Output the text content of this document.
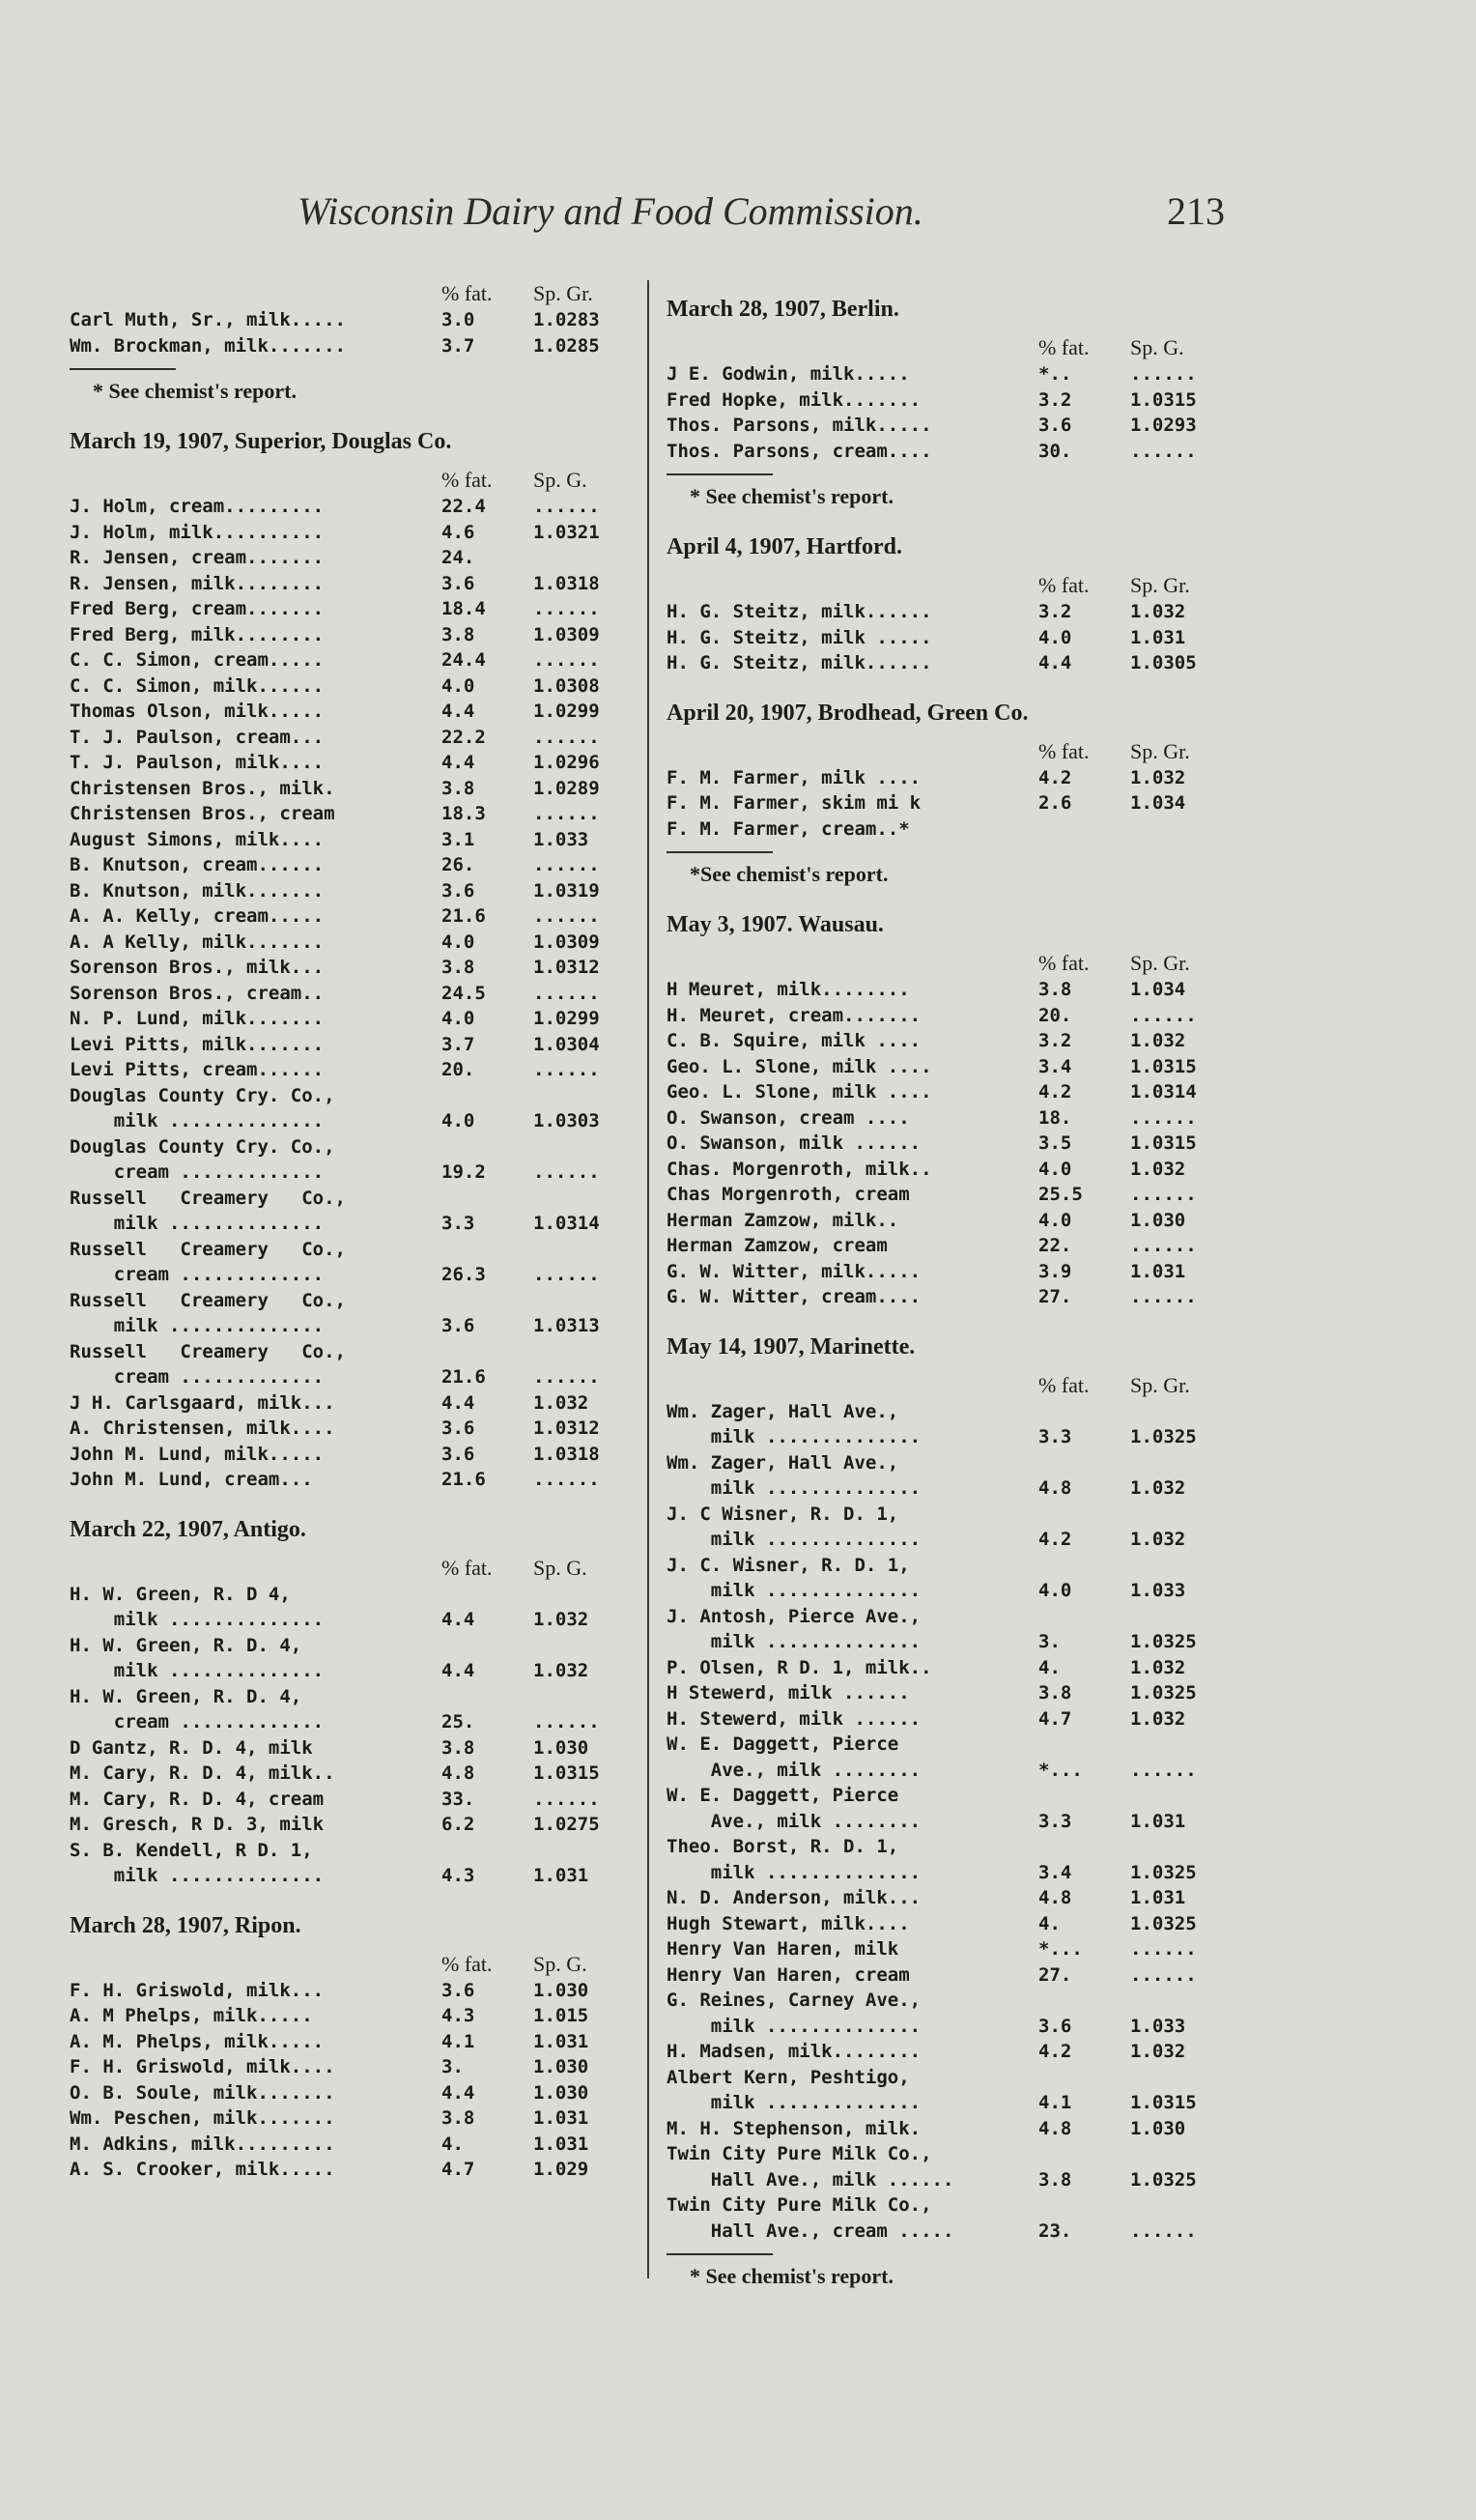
Wisconsin Dairy and Food Commission.	213
% fat.	Sp. Gr.
Carl Muth, Sr., milk.....	3.0	1.0283
Wm. Brockman, milk.......	3.7	1.0285
* See chemist's report.
March 19, 1907, Superior, Douglas Co.
% fat.	Sp. G.
J. Holm, cream.........	22.4	......
J. Holm, milk..........	4.6	1.0321
R. Jensen, cream.......	24.
R. Jensen, milk........	3.6	1.0318
Fred Berg, cream.......	18.4	......
Fred Berg, milk........	3.8	1.0309
C. C. Simon, cream.....	24.4	......
C. C. Simon, milk......	4.0	1.0308
Thomas Olson, milk.....	4.4	1.0299
T. J. Paulson, cream...	22.2	......
T. J. Paulson, milk....	4.4	1.0296
Christensen Bros., milk.	3.8	1.0289
Christensen Bros., cream	18.3	......
August Simons, milk....	3.1	1.033
B. Knutson, cream......	26.	......
B. Knutson, milk.......	3.6	1.0319
A. A. Kelly, cream.....	21.6	......
A. A Kelly, milk.......	4.0	1.0309
Sorenson Bros., milk...	3.8	1.0312
Sorenson Bros., cream..	24.5	......
N. P. Lund, milk.......	4.0	1.0299
Levi Pitts, milk.......	3.7	1.0304
Levi Pitts, cream......	20.	......
Douglas County Cry. Co.,
milk ..............	4.0	1.0303
Douglas County Cry. Co.,
cream .............	19.2	......
Russell   Creamery   Co.,
milk ..............	3.3	1.0314
Russell   Creamery   Co.,
cream .............	26.3	......
Russell   Creamery   Co.,
milk ..............	3.6	1.0313
Russell   Creamery   Co.,
cream .............	21.6	......
J H. Carlsgaard, milk...	4.4	1.032
A. Christensen, milk....	3.6	1.0312
John M. Lund, milk.....	3.6	1.0318
John M. Lund, cream...	21.6	......
March 22, 1907, Antigo.
% fat.	Sp. G.
H. W. Green, R. D 4,
milk ..............	4.4	1.032
H. W. Green, R. D. 4,
milk ..............	4.4	1.032
H. W. Green, R. D. 4,
cream .............	25.	......
D Gantz, R. D. 4, milk	3.8	1.030
M. Cary, R. D. 4, milk..	4.8	1.0315
M. Cary, R. D. 4, cream	33.	......
M. Gresch, R D. 3, milk	6.2	1.0275
S. B. Kendell, R D. 1,
milk ..............	4.3	1.031
March 28, 1907, Ripon.
% fat.	Sp. G.
F. H. Griswold, milk...	3.6	1.030
A. M Phelps, milk.....	4.3	1.015
A. M. Phelps, milk.....	4.1	1.031
F. H. Griswold, milk....	3.	1.030
O. B. Soule, milk.......	4.4	1.030
Wm. Peschen, milk.......	3.8	1.031
M. Adkins, milk.........	4.	1.031
A. S. Crooker, milk.....	4.7	1.029
March 28, 1907, Berlin.
% fat.	Sp. G.
J E. Godwin, milk.....	*..	......
Fred Hopke, milk.......	3.2	1.0315
Thos. Parsons, milk.....	3.6	1.0293
Thos. Parsons, cream....	30.	......
* See chemist's report.
April 4, 1907, Hartford.
% fat.	Sp. Gr.
H. G. Steitz, milk......	3.2	1.032
H. G. Steitz, milk .....	4.0	1.031
H. G. Steitz, milk......	4.4	1.0305
April 20, 1907, Brodhead, Green Co.
% fat.	Sp. Gr.
F. M. Farmer, milk ....	4.2	1.032
F. M. Farmer, skim mi k	2.6	1.034
F. M. Farmer, cream..*
*See chemist's report.
May 3, 1907. Wausau.
% fat.	Sp. Gr.
H Meuret, milk........	3.8	1.034
H. Meuret, cream.......	20.	......
C. B. Squire, milk ....	3.2	1.032
Geo. L. Slone, milk ....	3.4	1.0315
Geo. L. Slone, milk ....	4.2	1.0314
O. Swanson, cream ....	18.	......
O. Swanson, milk ......	3.5	1.0315
Chas. Morgenroth, milk..	4.0	1.032
Chas Morgenroth, cream	25.5	......
Herman Zamzow, milk..	4.0	1.030
Herman Zamzow, cream	22.	......
G. W. Witter, milk.....	3.9	1.031
G. W. Witter, cream....	27.	......
May 14, 1907, Marinette.
% fat.	Sp. Gr.
Wm. Zager, Hall Ave.,
milk ..............	3.3	1.0325
Wm. Zager, Hall Ave.,
milk ..............	4.8	1.032
J. C Wisner, R. D. 1,
milk ..............	4.2	1.032
J. C. Wisner, R. D. 1,
milk ..............	4.0	1.033
J. Antosh, Pierce Ave.,
milk ..............	3.	1.0325
P. Olsen, R D. 1, milk..	4.	1.032
H Stewerd, milk ......	3.8	1.0325
H. Stewerd, milk ......	4.7	1.032
W. E. Daggett, Pierce
Ave., milk ........	*...	......
W. E. Daggett, Pierce
Ave., milk ........	3.3	1.031
Theo. Borst, R. D. 1,
milk ..............	3.4	1.0325
N. D. Anderson, milk...	4.8	1.031
Hugh Stewart, milk....	4.	1.0325
Henry Van Haren, milk	*...	......
Henry Van Haren, cream	27.	......
G. Reines, Carney Ave.,
milk ..............	3.6	1.033
H. Madsen, milk........	4.2	1.032
Albert Kern, Peshtigo,
milk ..............	4.1	1.0315
M. H. Stephenson, milk.	4.8	1.030
Twin City Pure Milk Co.,
Hall Ave., milk ......	3.8	1.0325
Twin City Pure Milk Co.,
Hall Ave., cream .....	23.	......
* See chemist's report.
